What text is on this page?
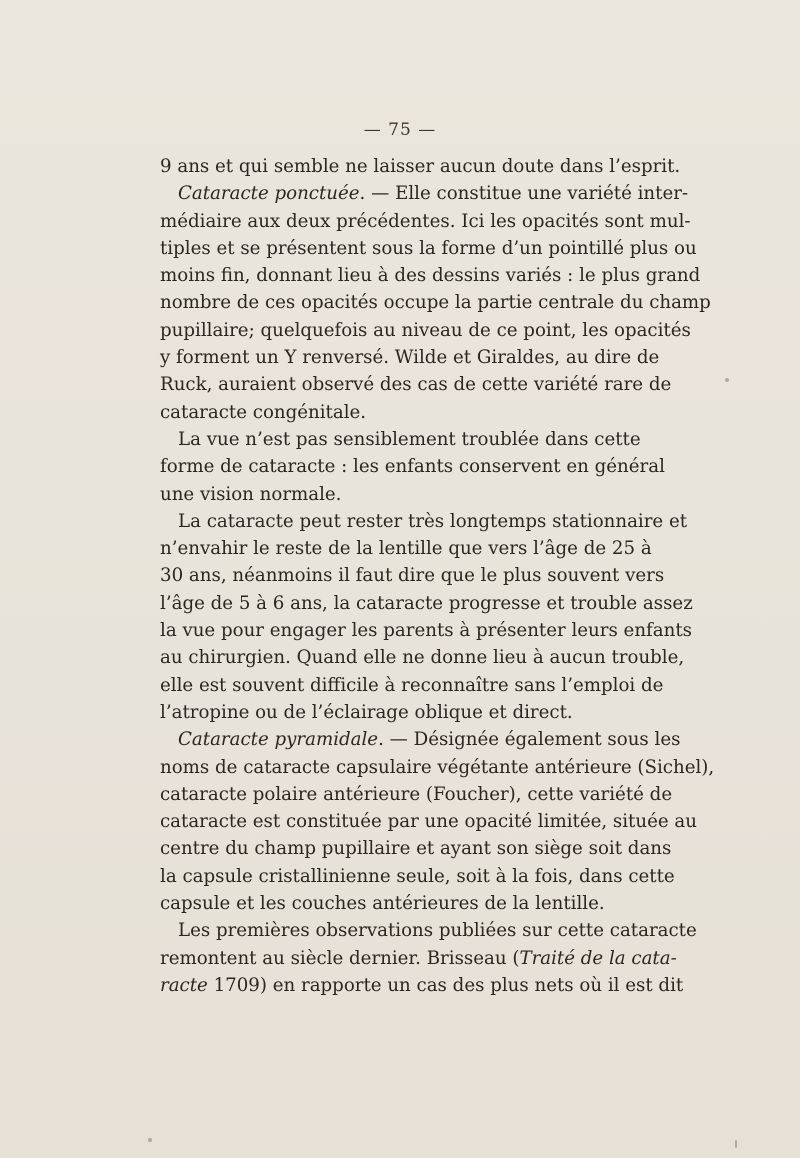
— 75 —
9 ans et qui semble ne laisser aucun doute dans l’esprit.
Cataracte ponctuée. — Elle constitue une variété inter-
médiaire aux deux précédentes. Ici les opacités sont mul-
tiples et se présentent sous la forme d’un pointillé plus ou
moins fin, donnant lieu à des dessins variés : le plus grand
nombre de ces opacités occupe la partie centrale du champ
pupillaire; quelquefois au niveau de ce point, les opacités
y forment un Y renversé. Wilde et Giraldes, au dire de
Ruck, auraient observé des cas de cette variété rare de
cataracte congénitale.
La vue n’est pas sensiblement troublée dans cette
forme de cataracte : les enfants conservent en général
une vision normale.
La cataracte peut rester très longtemps stationnaire et
n’envahir le reste de la lentille que vers l’âge de 25 à
30 ans, néanmoins il faut dire que le plus souvent vers
l’âge de 5 à 6 ans, la cataracte progresse et trouble assez
la vue pour engager les parents à présenter leurs enfants
au chirurgien. Quand elle ne donne lieu à aucun trouble,
elle est souvent difficile à reconnaître sans l’emploi de
l’atropine ou de l’éclairage oblique et direct.
Cataracte pyramidale. — Désignée également sous les
noms de cataracte capsulaire végétante antérieure (Sichel),
cataracte polaire antérieure (Foucher), cette variété de
cataracte est constituée par une opacité limitée, située au
centre du champ pupillaire et ayant son siège soit dans
la capsule cristallinienne seule, soit à la fois, dans cette
capsule et les couches antérieures de la lentille.
Les premières observations publiées sur cette cataracte
remontent au siècle dernier. Brisseau (Traité de la cata-
racte 1709) en rapporte un cas des plus nets où il est dit
